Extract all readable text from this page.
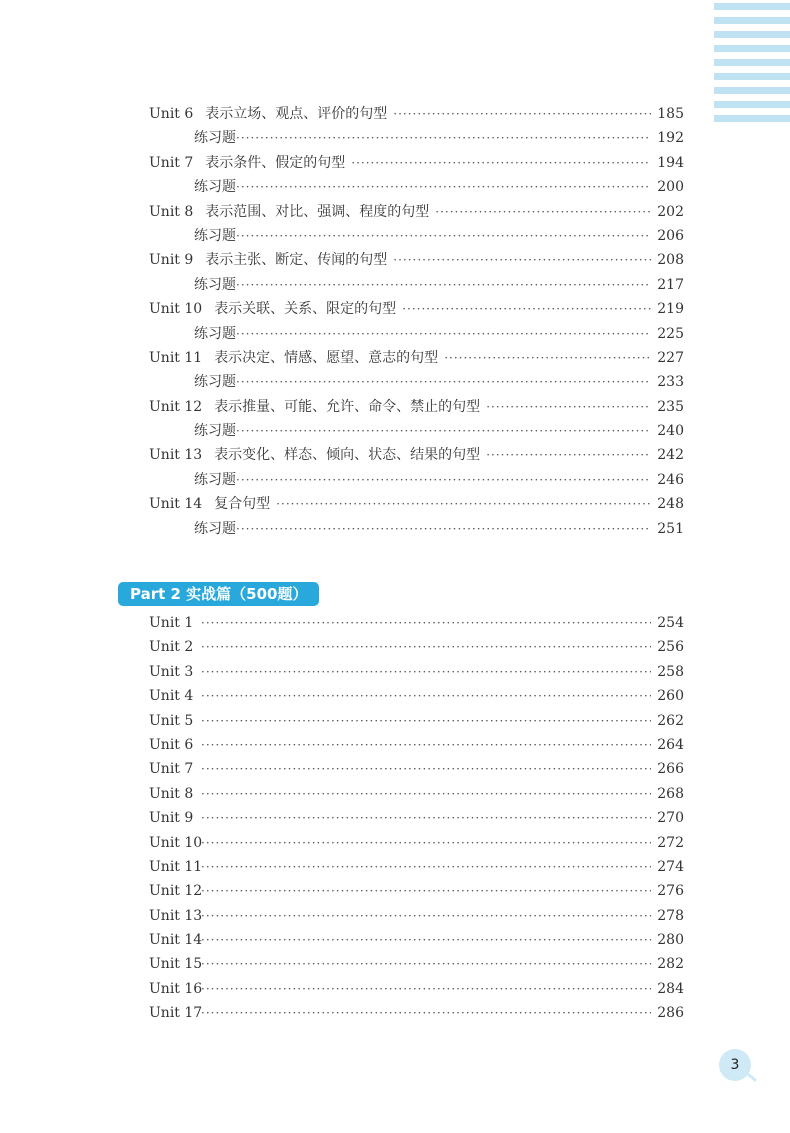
Unit 6 表示立场、观点、评价的句型 ·····	185
练习题 ·····	192
Unit 7 表示条件、假定的句型 ·····	194
练习题 ·····	200
Unit 8 表示范围、对比、强调、程度的句型 ·····	202
练习题 ·····	206
Unit 9 表示主张、断定、传闻的句型 ·····	208
练习题 ·····	217
Unit 10 表示关联、关系、限定的句型 ·····	219
练习题 ·····	225
Unit 11 表示决定、情感、愿望、意志的句型 ·····	227
练习题 ·····	233
Unit 12 表示推量、可能、允许、命令、禁止的句型 ·····	235
练习题 ·····	240
Unit 13 表示变化、样态、倾向、状态、结果的句型 ·····	242
练习题 ·····	246
Unit 14 复合句型 ·····	248
练习题 ·····	251
Part 2 实战篇（500题）
Unit 1 ·····	254
Unit 2 ·····	256
Unit 3 ·····	258
Unit 4 ·····	260
Unit 5 ·····	262
Unit 6 ·····	264
Unit 7 ·····	266
Unit 8 ·····	268
Unit 9 ·····	270
Unit 10 ·····	272
Unit 11 ·····	274
Unit 12 ·····	276
Unit 13 ·····	278
Unit 14 ·····	280
Unit 15 ·····	282
Unit 16 ·····	284
Unit 17 ·····	286
3
